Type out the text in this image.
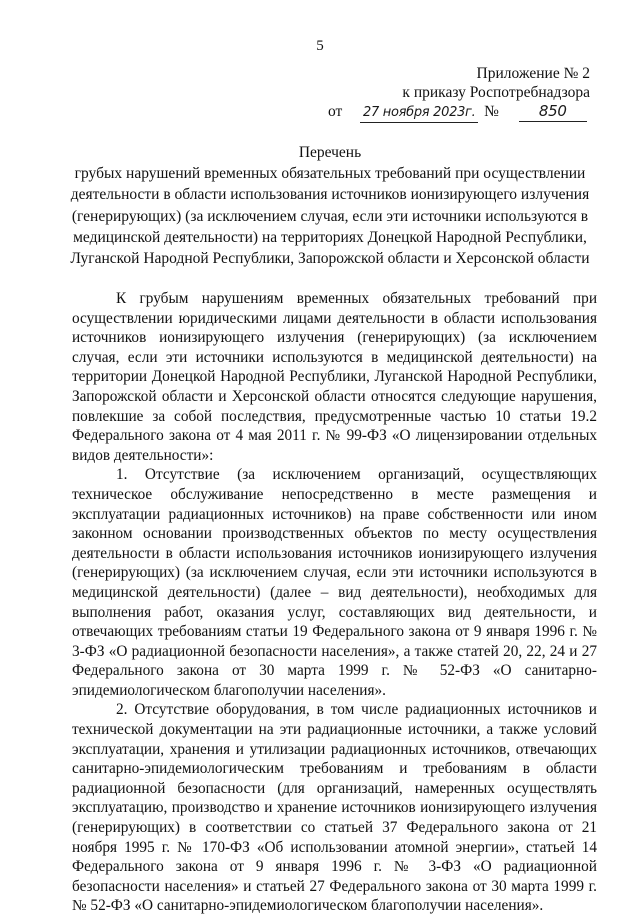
5
Приложение № 2
к приказу Роспотребнадзора
от 27 ноября 2023г. №	850
Перечень
грубых нарушений временных обязательных требований при осуществлении деятельности в области использования источников ионизирующего излучения (генерирующих) (за исключением случая, если эти источники используются в медицинской деятельности) на территориях Донецкой Народной Республики, Луганской Народной Республики, Запорожской области и Херсонской области

К грубым нарушениям временных обязательных требований при осуществлении юридическими лицами деятельности в области использования источников ионизирующего излучения (генерирующих) (за исключением случая, если эти источники используются в медицинской деятельности) на территории Донецкой Народной Республики, Луганской Народной Республики, Запорожской области и Херсонской области относятся следующие нарушения, повлекшие за собой последствия, предусмотренные частью 10 статьи 19.2 Федерального закона от 4 мая 2011 г. № 99-ФЗ «О лицензировании отдельных видов деятельности»:

1. Отсутствие (за исключением организаций, осуществляющих техническое обслуживание непосредственно в месте размещения и эксплуатации радиационных источников) на праве собственности или ином законном основании производственных объектов по месту осуществления деятельности в области использования источников ионизирующего излучения (генерирующих) (за исключением случая, если эти источники используются в медицинской деятельности) (далее – вид деятельности), необходимых для выполнения работ, оказания услуг, составляющих вид деятельности, и отвечающих требованиям статьи 19 Федерального закона от 9 января 1996 г. № 3-ФЗ «О радиационной безопасности населения», а также статей 20, 22, 24 и 27 Федерального закона от 30 марта 1999 г. № 52-ФЗ «О санитарно-эпидемиологическом благополучии населения».

2. Отсутствие оборудования, в том числе радиационных источников и технической документации на эти радиационные источники, а также условий эксплуатации, хранения и утилизации радиационных источников, отвечающих санитарно-эпидемиологическим требованиям и требованиям в области радиационной безопасности (для организаций, намеренных осуществлять эксплуатацию, производство и хранение источников ионизирующего излучения (генерирующих) в соответствии со статьей 37 Федерального закона от 21 ноября 1995 г. № 170-ФЗ «Об использовании атомной энергии», статьей 14 Федерального закона от 9 января 1996 г. № 3-ФЗ «О радиационной безопасности населения» и статьей 27 Федерального закона от 30 марта 1999 г. № 52-ФЗ «О санитарно-эпидемиологическом благополучии населения».
